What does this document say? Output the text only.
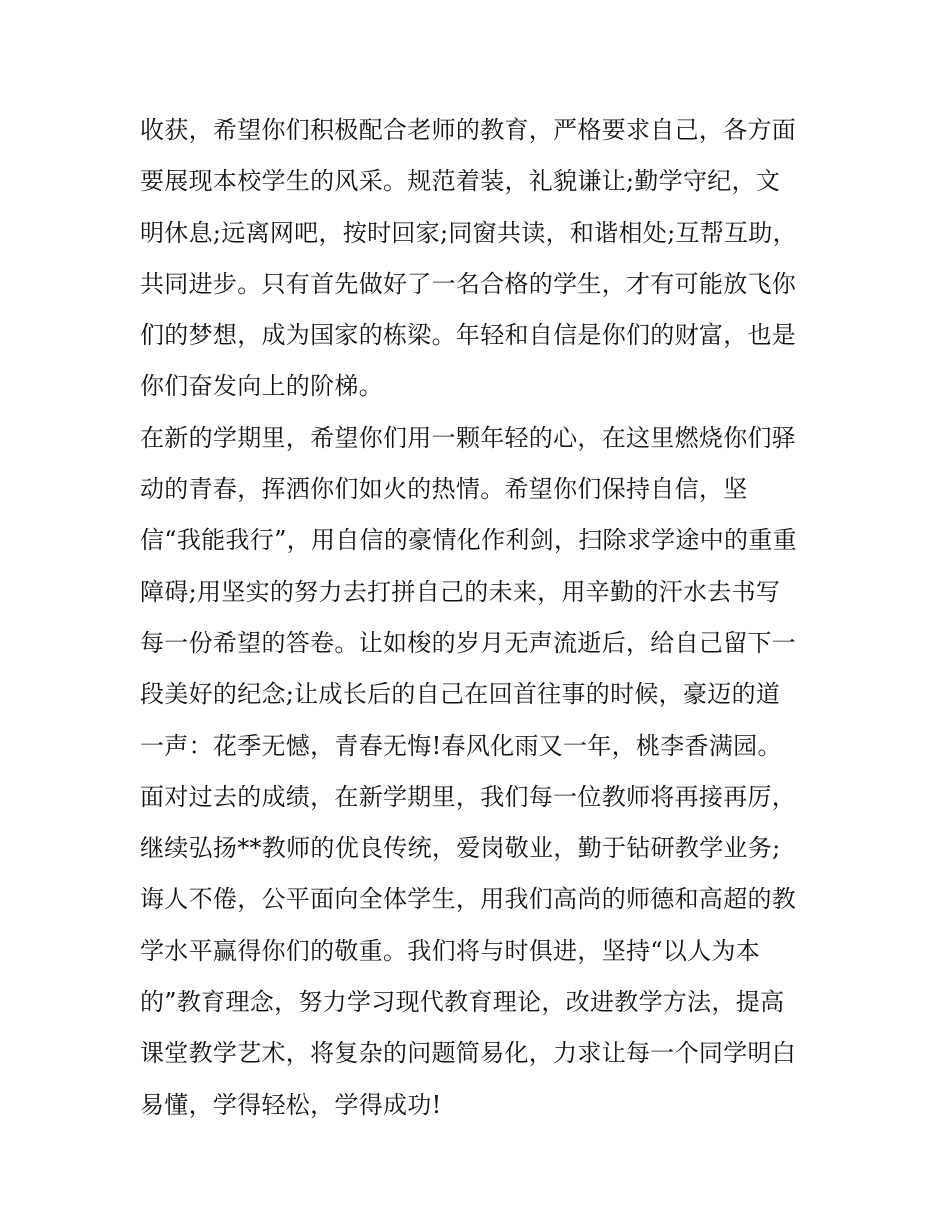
收获，希望你们积极配合老师的教育，严格要求自己，各方面
要展现本校学生的风采。规范着装，礼貌谦让;勤学守纪，文
明休息;远离网吧，按时回家;同窗共读，和谐相处;互帮互助，
共同进步。只有首先做好了一名合格的学生，才有可能放飞你
们的梦想，成为国家的栋梁。年轻和自信是你们的财富，也是
你们奋发向上的阶梯。
在新的学期里，希望你们用一颗年轻的心，在这里燃烧你们驿
动的青春，挥洒你们如火的热情。希望你们保持自信，坚
信“我能我行”，用自信的豪情化作利剑，扫除求学途中的重重
障碍;用坚实的努力去打拼自己的未来，用辛勤的汗水去书写
每一份希望的答卷。让如梭的岁月无声流逝后，给自己留下一
段美好的纪念;让成长后的自己在回首往事的时候，豪迈的道
一声：花季无憾，青春无悔!春风化雨又一年，桃李香满园。
面对过去的成绩，在新学期里，我们每一位教师将再接再厉，
继续弘扬**教师的优良传统，爱岗敬业，勤于钻研教学业务;
诲人不倦，公平面向全体学生，用我们高尚的师德和高超的教
学水平赢得你们的敬重。我们将与时俱进，坚持“以人为本
的”教育理念，努力学习现代教育理论，改进教学方法，提高
课堂教学艺术，将复杂的问题简易化，力求让每一个同学明白
易懂，学得轻松，学得成功!
